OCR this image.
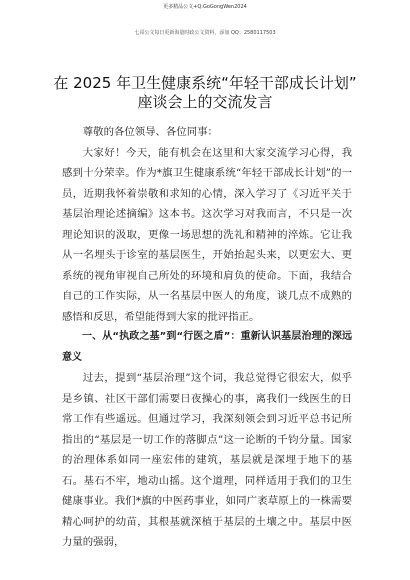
更多精品公文+Q:GoGongWen2024
七哥公文每日更新海量时政公文资料，添加 QQ：2580117503
在 2025 年卫生健康系统“年轻干部成长计划”
座谈会上的交流发言

尊敬的各位领导、各位同事：

大家好！今天，能有机会在这里和大家交流学习心得，我感到十分荣幸。作为*旗卫生健康系统“年轻干部成长计划”的一员，近期我怀着崇敬和求知的心情，深入学习了《习近平关于基层治理论述摘编》这本书。这次学习对我而言，不只是一次理论知识的汲取，更像一场思想的洗礼和精神的淬炼。它让我从一名埋头于诊室的基层医生，开始抬起头来，以更宏大、更系统的视角审视自己所处的环境和肩负的使命。下面，我结合自己的工作实际，从一名基层中医人的角度，谈几点不成熟的感悟和反思，希望能得到大家的批评指正。

一、从“执政之基”到“行医之盾”：重新认识基层治理的深远意义

过去，提到“基层治理”这个词，我总觉得它很宏大，似乎是乡镇、社区干部们需要日夜操心的事，离我们一线医生的日常工作有些遥远。但通过学习，我深刻领会到习近平总书记所指出的“基层是一切工作的落脚点”这一论断的千钧分量。国家的治理体系如同一座宏伟的建筑，基层就是深埋于地下的基石。基石不牢，地动山摇。这个道理，同样适用于我们的卫生健康事业。我们*旗的中医药事业，如同广袤草原上的一株需要精心呵护的幼苗，其根基就深植于基层的土壤之中。基层中医力量的强弱，
